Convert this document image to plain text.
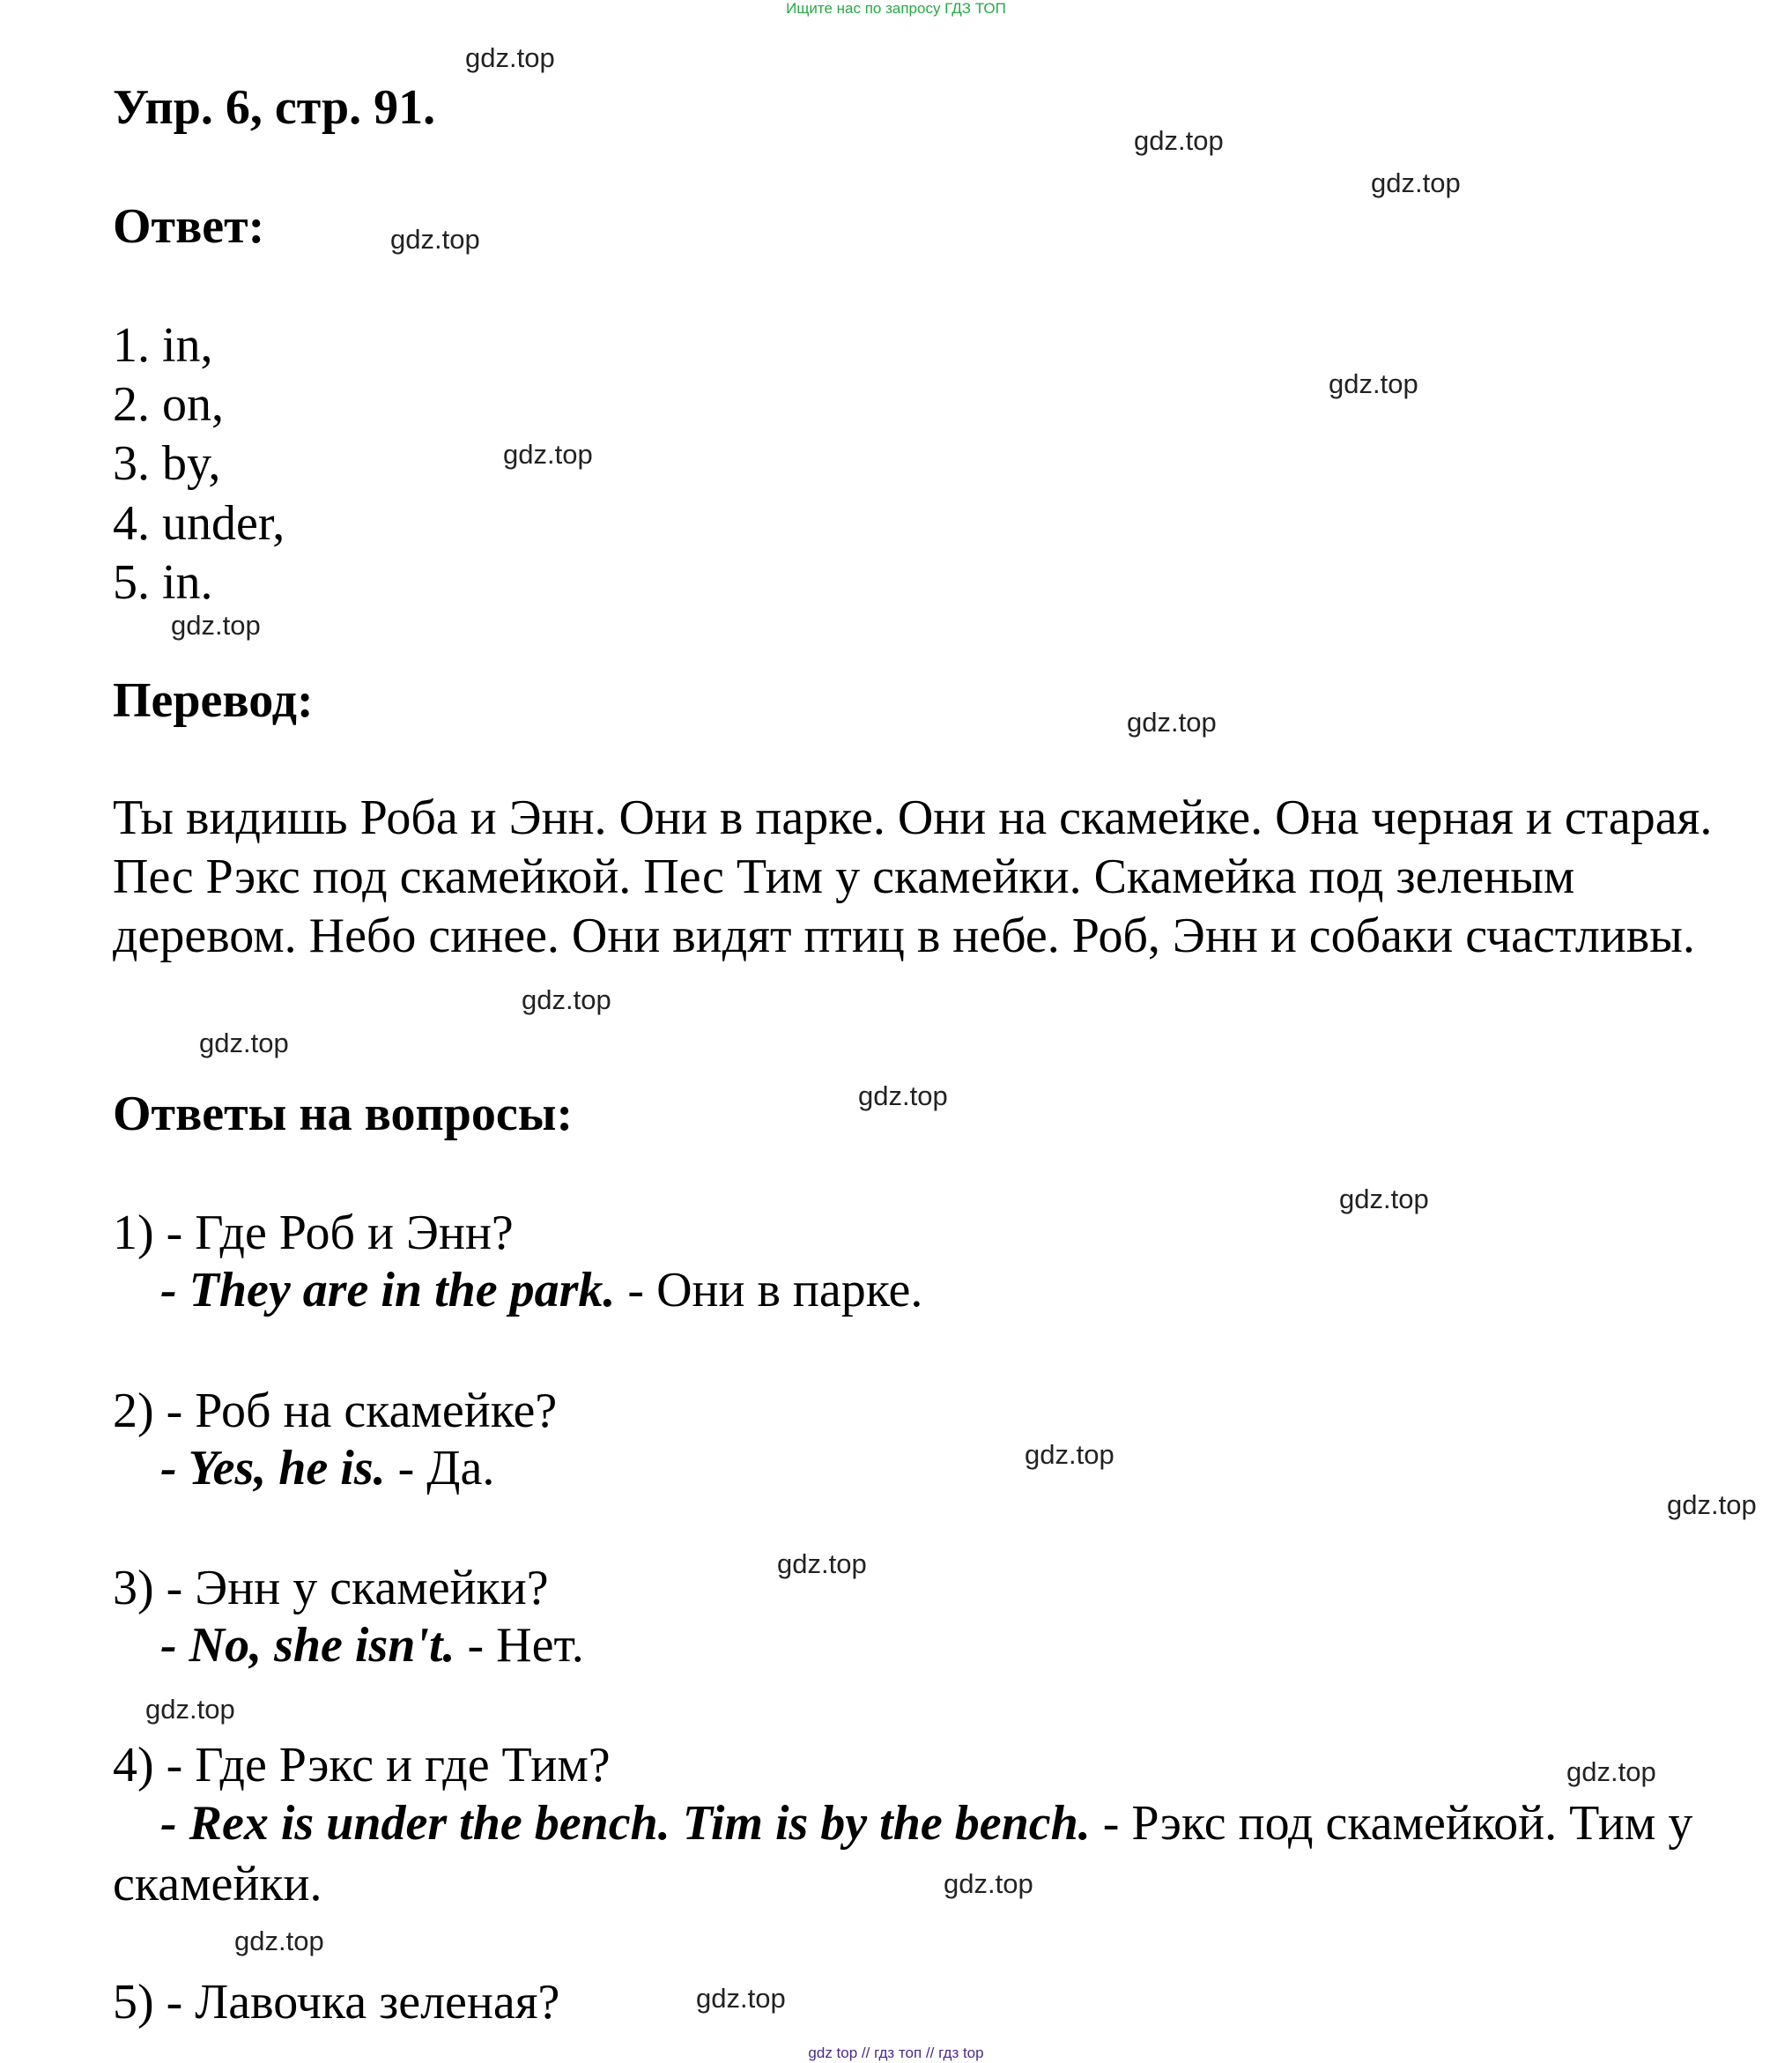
Ищите нас по запросу ГДЗ ТОП
Упр. 6, стр. 91.
Ответ:
1. in,
2. on,
3. by,
4. under,
5. in.
Перевод:
Ты видишь Роба и Энн. Они в парке. Они на скамейке. Она черная и старая. Пес Рэкс под скамейкой. Пес Тим у скамейки. Скамейка под зеленым деревом. Небо синее. Они видят птиц в небе. Роб, Энн и собаки счастливы.
Ответы на вопросы:
1) - Где Роб и Энн?
- They are in the park. - Они в парке.
2) - Роб на скамейке?
- Yes, he is. - Да.
3) - Энн у скамейки?
- No, she isn't. - Нет.
4) - Где Рэкс и где Тим?
- Rex is under the bench. Tim is by the bench. - Рэкс под скамейкой. Тим у
скамейки.
5) - Лавочка зеленая?
gdz.top
gdz.top
gdz.top
gdz.top
gdz.top
gdz.top
gdz.top
gdz.top
gdz.top
gdz.top
gdz.top
gdz.top
gdz.top
gdz.top
gdz.top
gdz.top
gdz.top
gdz.top
gdz.top
gdz.top
gdz top // гдз топ // гдз top
